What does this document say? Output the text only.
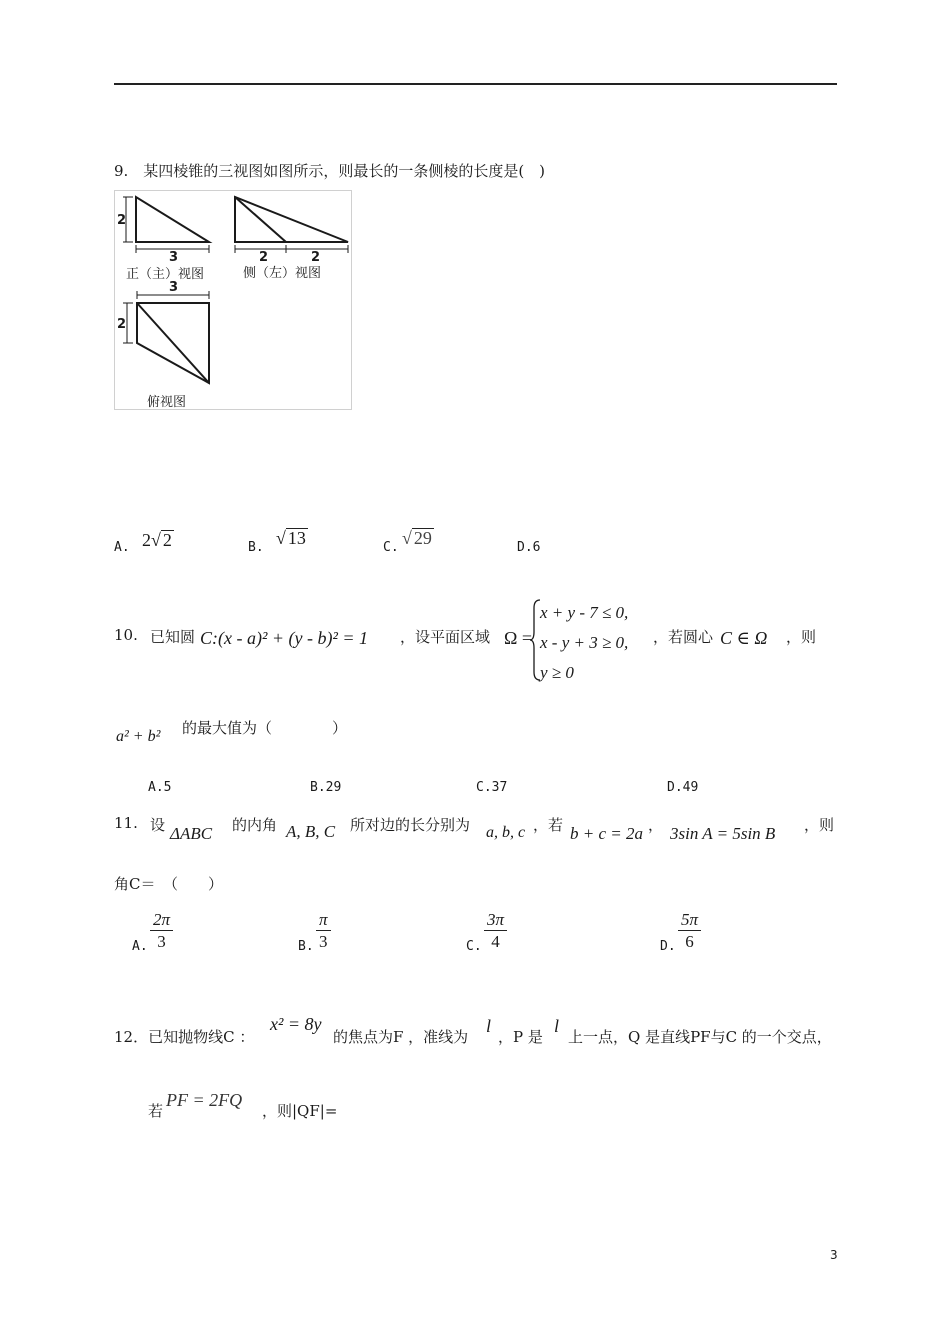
9.　某四棱锥的三视图如图所示，则最长的一条侧棱的长度是(　)
2
3	2	2
3
2
正（主）视图	侧（左）视图
俯视图
A. 2√ 2	B. √ 13	C. √ 29	D.6
10. 已知圆 C:(x - a)² + (y - b)² = 1 ，设平面区域 Ω =
x + y - 7 ≤ 0,
x - y + 3 ≥ 0,
y ≥ 0
，若圆心 C ∈ Ω ，则
a² + b² 的最大值为（　　　　）
A.5	B.29	C.37	D.49
11. 设 ΔABC 的内角 A, B, C 所对边的长分别为 a, b, c ，若 b + c = 2a ， 3sin A = 5sin B ，则
角C＝　（　　）
A. $\frac{2\pi}{3}$	B. $\frac{\pi}{3}$	C. $\frac{3\pi}{4}$	D. $\frac{5\pi}{6}$
12．已知抛物线C ：
x² = 8y
的焦点为F ，准线为
l
，P 是
l
上一点，Q 是直线PF与C 的一个交点，
若
PF = 2FQ
，则|QF|=
3
